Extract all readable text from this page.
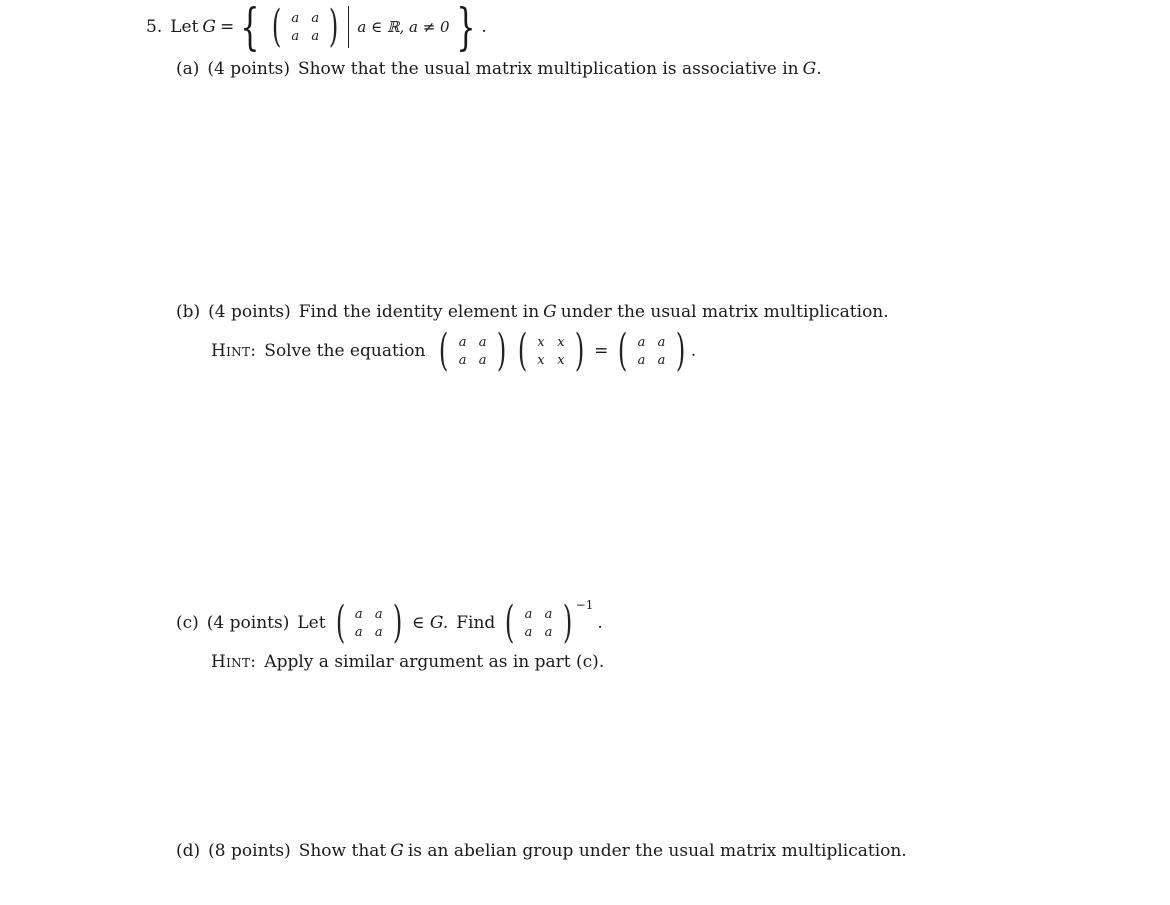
5. Let G = { ( a a
a a ) a ∈ ℝ, a ≠ 0 } .
(a) (4 points) Show that the usual matrix multiplication is associative in G .
(b) (4 points) Find the identity element in G under the usual matrix multiplication.
Hint: Solve the equation ( a a
a a ) ( x x
x x ) = ( a a
a a ) .
(c) (4 points) Let ( a a
a a ) ∈ G. Find ( a a
a a ) −1
.
Hint: Apply a similar argument as in part (c).
(d) (8 points) Show that G is an abelian group under the usual matrix multiplication.
